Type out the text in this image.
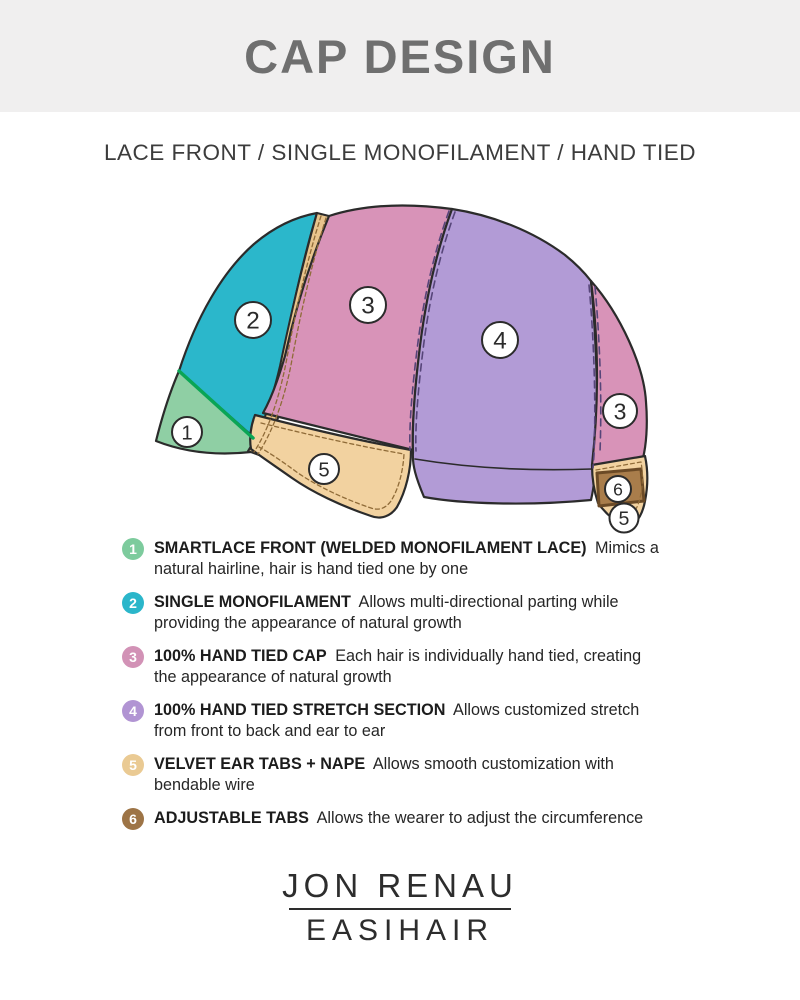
CAP DESIGN
LACE FRONT / SINGLE MONOFILAMENT / HAND TIED
1
2
3
4
3
5
6
5
1	SMARTLACE FRONT (WELDED MONOFILAMENT LACE) Mimics a natural hairline, hair is hand tied one by one
2	SINGLE MONOFILAMENT Allows multi-directional parting while providing the appearance of natural growth
3	100% HAND TIED CAP Each hair is individually hand tied, creating the appearance of natural growth
4	100% HAND TIED STRETCH SECTION Allows customized stretch from front to back and ear to ear
5	VELVET EAR TABS + NAPE Allows smooth customization with bendable wire
6	ADJUSTABLE TABS Allows the wearer to adjust the circumference
JON RENAU
EASIHAIR
